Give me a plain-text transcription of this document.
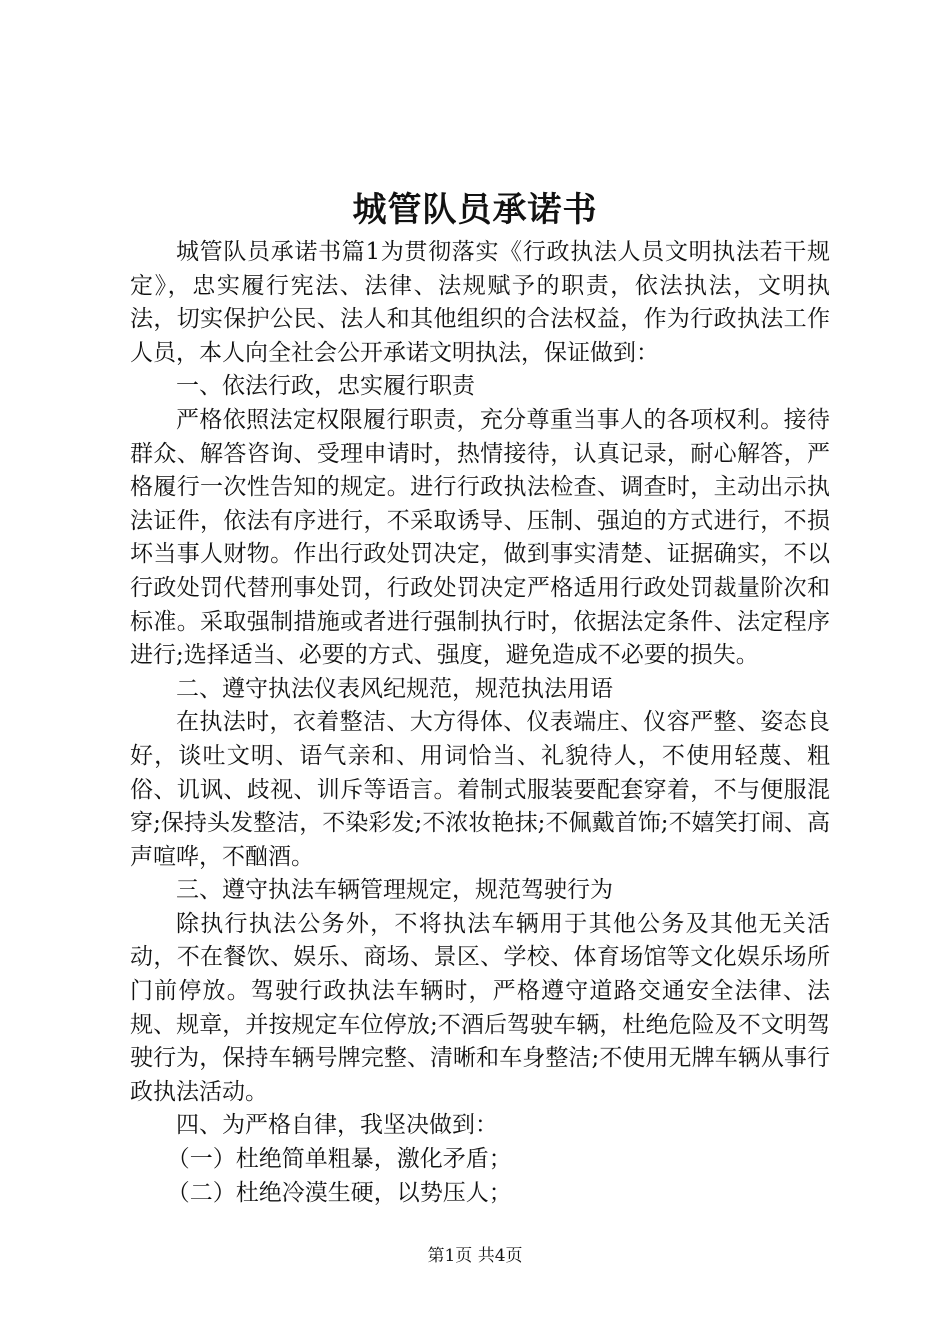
城管队员承诺书

城管队员承诺书篇1为贯彻落实《行政执法人员文明执法若干规定》，忠实履行宪法、法律、法规赋予的职责，依法执法，文明执法，切实保护公民、法人和其他组织的合法权益，作为行政执法工作人员，本人向全社会公开承诺文明执法，保证做到：

一、依法行政，忠实履行职责

严格依照法定权限履行职责，充分尊重当事人的各项权利。接待群众、解答咨询、受理申请时，热情接待，认真记录，耐心解答，严格履行一次性告知的规定。进行行政执法检查、调查时，主动出示执法证件，依法有序进行，不采取诱导、压制、强迫的方式进行，不损坏当事人财物。作出行政处罚决定，做到事实清楚、证据确实，不以行政处罚代替刑事处罚，行政处罚决定严格适用行政处罚裁量阶次和标准。采取强制措施或者进行强制执行时，依据法定条件、法定程序进行;选择适当、必要的方式、强度，避免造成不必要的损失。

二、遵守执法仪表风纪规范，规范执法用语

在执法时，衣着整洁、大方得体、仪表端庄、仪容严整、姿态良好，谈吐文明、语气亲和、用词恰当、礼貌待人，不使用轻蔑、粗俗、讥讽、歧视、训斥等语言。着制式服装要配套穿着，不与便服混穿;保持头发整洁，不染彩发;不浓妆艳抹;不佩戴首饰;不嬉笑打闹、高声喧哗，不酗酒。

三、遵守执法车辆管理规定，规范驾驶行为

除执行执法公务外，不将执法车辆用于其他公务及其他无关活动，不在餐饮、娱乐、商场、景区、学校、体育场馆等文化娱乐场所门前停放。驾驶行政执法车辆时，严格遵守道路交通安全法律、法规、规章，并按规定车位停放;不酒后驾驶车辆，杜绝危险及不文明驾驶行为，保持车辆号牌完整、清晰和车身整洁;不使用无牌车辆从事行政执法活动。

四、为严格自律，我坚决做到：

（一）杜绝简单粗暴，激化矛盾；

（二）杜绝冷漠生硬，以势压人；

第1页 共4页
